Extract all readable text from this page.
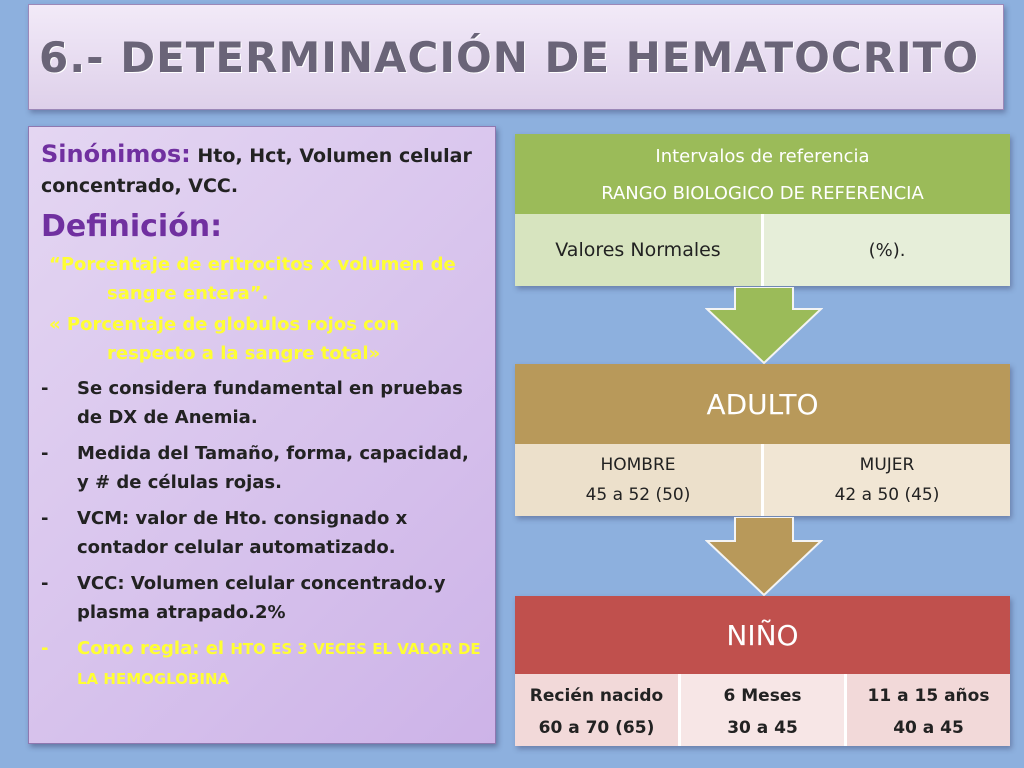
6.- DETERMINACIÓN DE HEMATOCRITO
Sinónimos: Hto, Hct, Volumen celular
concentrado, VCC.
Definición:
“Porcentaje de eritrocitos x volumen de
sangre entera”.
« Porcentaje de globulos rojos con
respecto a la sangre total»
- Se considera fundamental en pruebas de DX de Anemia.
- Medida del Tamaño, forma, capacidad, y # de células rojas.
- VCM: valor de Hto. consignado x contador celular automatizado.
- VCC: Volumen celular concentrado.y plasma atrapado.2%
- Como regla: el HTO ES 3 VECES EL VALOR DE LA HEMOGLOBINA
Intervalos de referencia
RANGO BIOLOGICO DE REFERENCIA
Valores Normales	(%).
ADULTO
HOMBRE
45 a 52 (50)
MUJER
42 a 50 (45)
NIÑO
Recién nacido
60 a 70 (65)
6 Meses
30 a 45
11 a 15 años
40 a 45
